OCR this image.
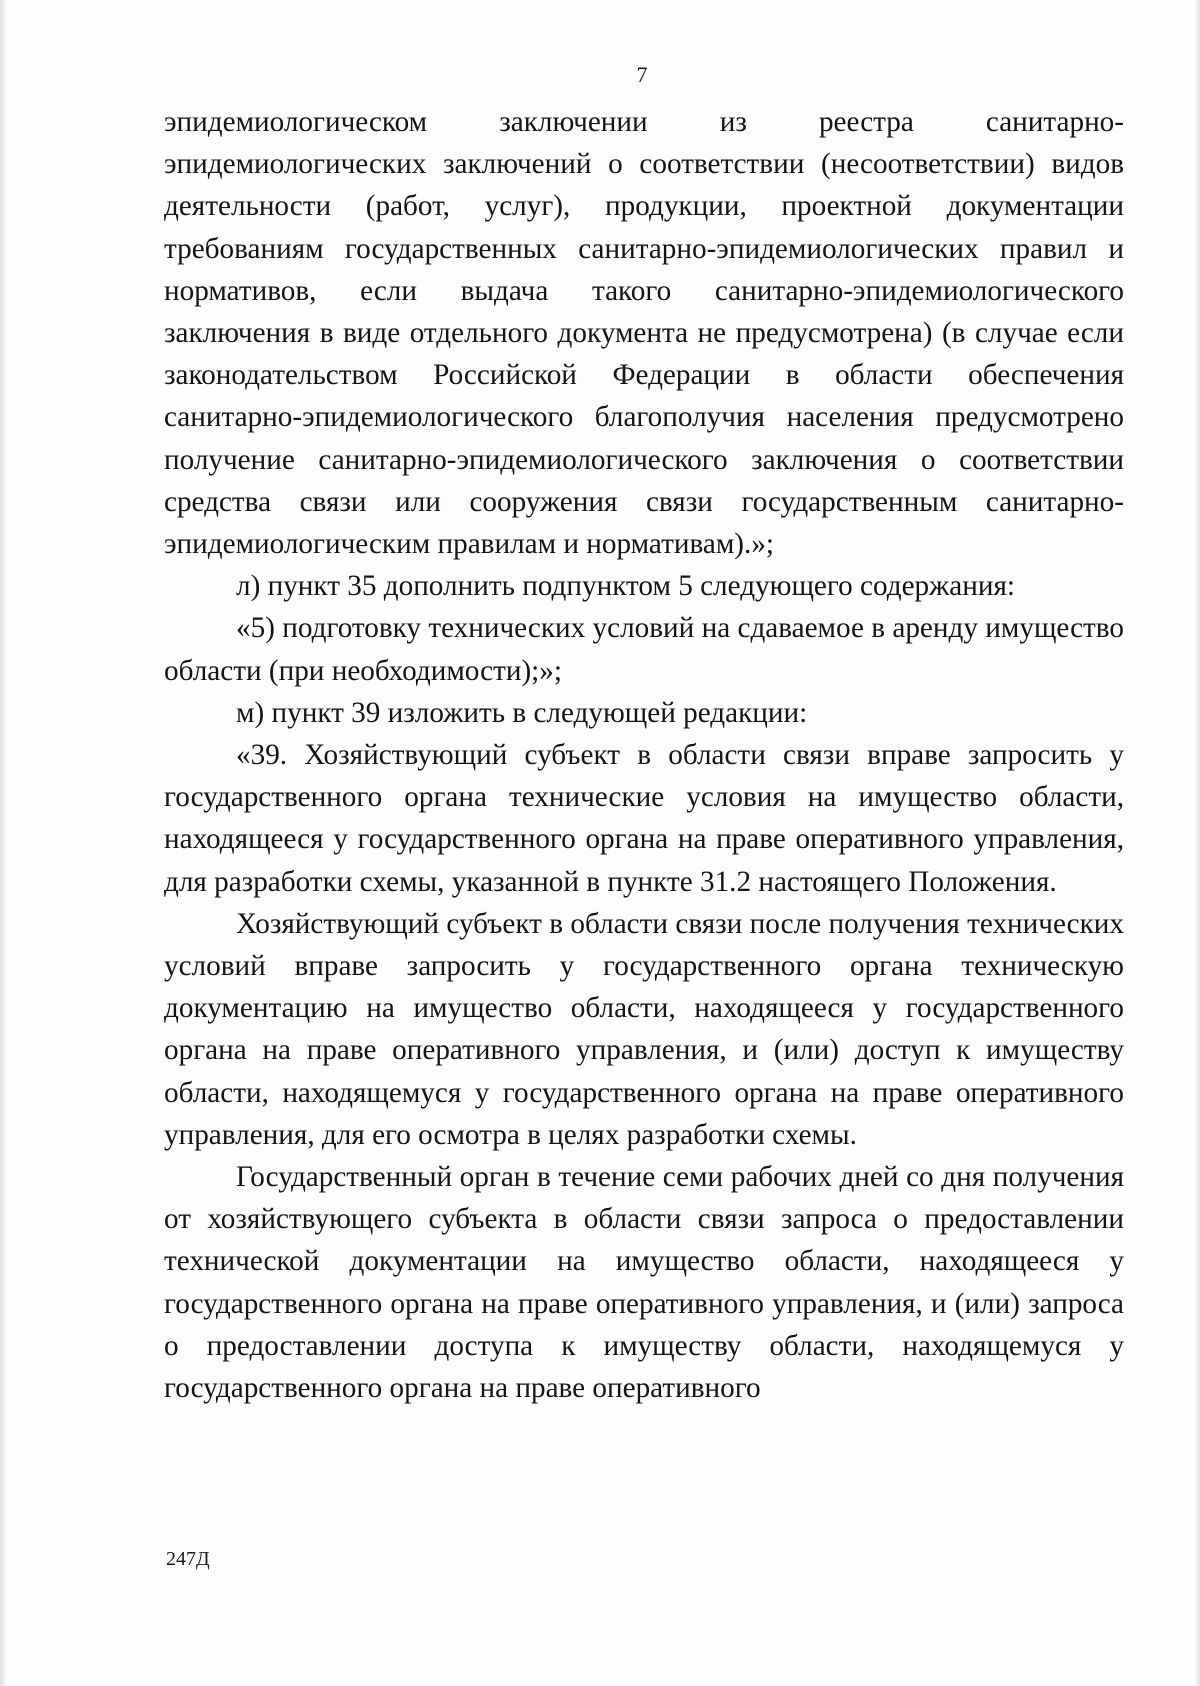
7

эпидемиологическом заключении из реестра санитарно-эпидемиологических заключений о соответствии (несоответствии) видов деятельности (работ, услуг), продукции, проектной документации требованиям государственных санитарно-эпидемиологических правил и нормативов, если выдача такого санитарно-эпидемиологического заключения в виде отдельного документа не предусмотрена) (в случае если законодательством Российской Федерации в области обеспечения санитарно-эпидемиологического благополучия населения предусмотрено получение санитарно-эпидемиологического заключения о соответствии средства связи или сооружения связи государственным санитарно-эпидемиологическим правилам и нормативам).»;

л) пункт 35 дополнить подпунктом 5 следующего содержания:

«5) подготовку технических условий на сдаваемое в аренду имущество области (при необходимости);»;

м) пункт 39 изложить в следующей редакции:

«39. Хозяйствующий субъект в области связи вправе запросить у государственного органа технические условия на имущество области, находящееся у государственного органа на праве оперативного управления, для разработки схемы, указанной в пункте 31.2 настоящего Положения.

Хозяйствующий субъект в области связи после получения технических условий вправе запросить у государственного органа техническую документацию на имущество области, находящееся у государственного органа на праве оперативного управления, и (или) доступ к имуществу области, находящемуся у государственного органа на праве оперативного управления, для его осмотра в целях разработки схемы.

Государственный орган в течение семи рабочих дней со дня получения от хозяйствующего субъекта в области связи запроса о предоставлении технической документации на имущество области, находящееся у государственного органа на праве оперативного управления, и (или) запроса о предоставлении доступа к имуществу области, находящемуся у государственного органа на праве оперативного

247Д
